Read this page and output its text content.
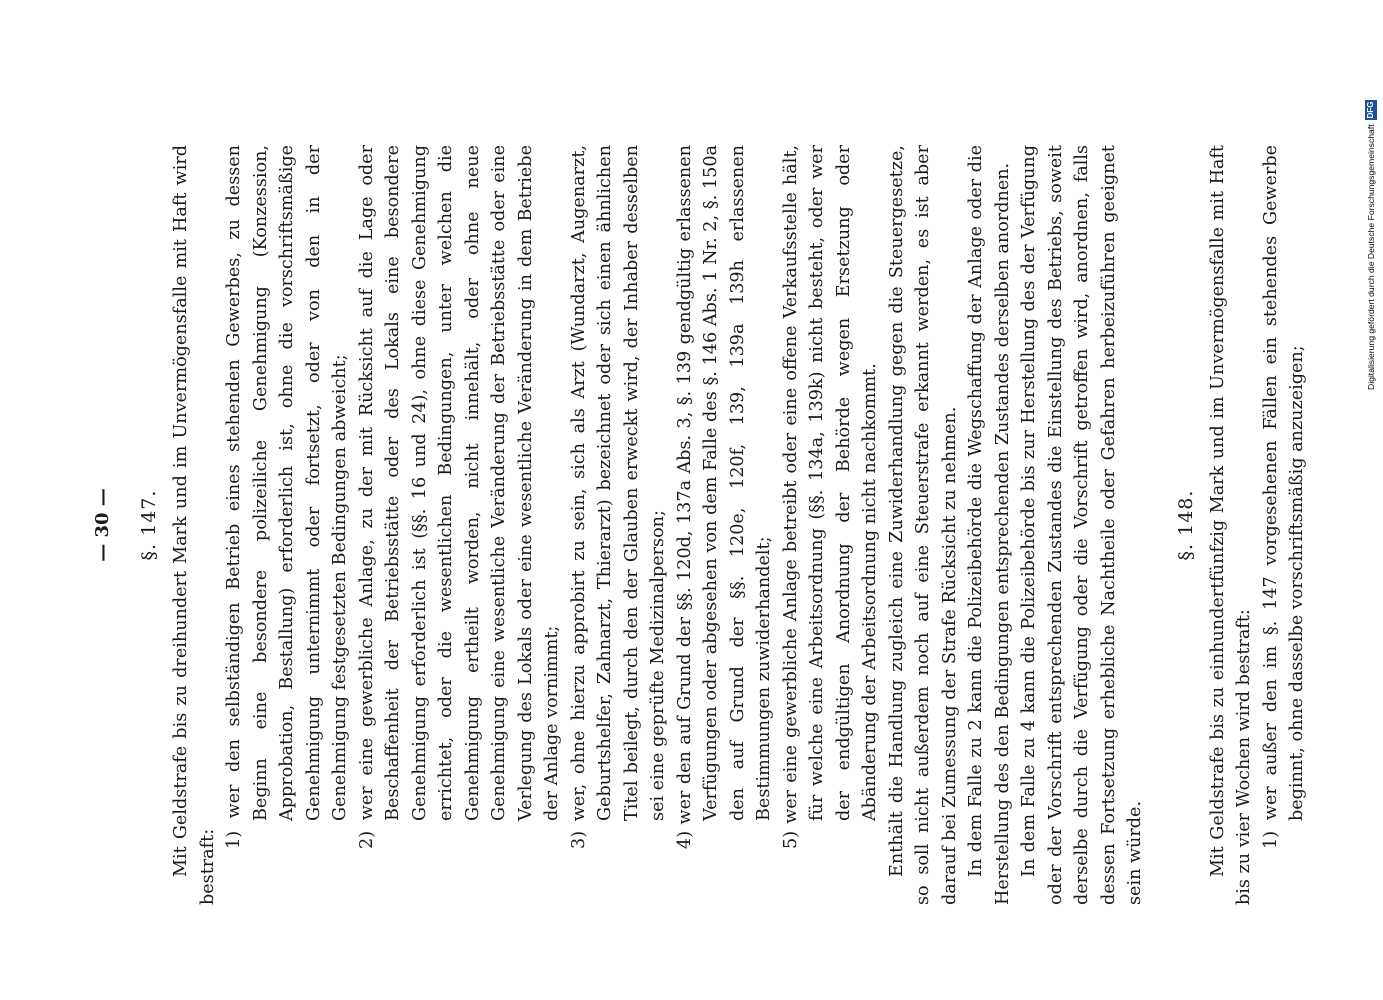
— 30 — §. 147. Mit Geldstrafe bis zu dreihundert Mark und im Unvermögensfalle mit Haft wird bestraft:

1) wer den selbständigen Betrieb eines stehenden Gewerbes, zu dessen Beginn eine besondere polizeiliche Genehmigung (Konzession, Approbation, Bestallung) erforderlich ist, ohne die vorschriftsmäßige Genehmigung unternimmt oder fortsetzt, oder von den in der Genehmigung festgesetzten Bedingungen abweicht; 2) wer eine gewerbliche Anlage, zu der mit Rücksicht auf die Lage oder Beschaffenheit der Betriebsstätte oder des Lokals eine besondere Genehmigung erforderlich ist (§§. 16 und 24), ohne diese Genehmigung errichtet, oder die wesentlichen Bedingungen, unter welchen die Genehmigung ertheilt worden, nicht innehält, oder ohne neue Genehmigung eine wesentliche Veränderung der Betriebsstätte oder eine Verlegung des Lokals oder eine wesentliche Veränderung in dem Betriebe der Anlage vornimmt; 3) wer, ohne hierzu approbirt zu sein, sich als Arzt (Wundarzt, Augenarzt, Geburtshelfer, Zahnarzt, Thierarzt) bezeichnet oder sich einen ähnlichen Titel beilegt, durch den der Glauben erweckt wird, der Inhaber desselben sei eine geprüfte Medizinalperson; 4) wer den auf Grund der §§. 120d, 137a Abs. 3, §. 139 gendgültig erlassenen Verfügungen oder abgesehen von dem Falle des §. 146 Abs. 1 Nr. 2, §. 150a den auf Grund der §§. 120e, 120f, 139, 139a 139h erlassenen Bestimmungen zuwiderhandelt; 5) wer eine gewerbliche Anlage betreibt oder eine offene Verkaufsstelle hält, für welche eine Arbeitsordnung (§§. 134a, 139k) nicht besteht, oder wer der endgültigen Anordnung der Behörde wegen Ersetzung oder Abänderung der Arbeitsordnung nicht nachkommt. Enthält die Handlung zugleich eine Zuwiderhandlung gegen die Steuergesetze, so soll nicht außerdem noch auf eine Steuerstrafe erkannt werden, es ist aber darauf bei Zumessung der Strafe Rücksicht zu nehmen. In dem Falle zu 2 kann die Polizeibehörde die Wegschaffung der Anlage oder die Herstellung des den Bedingungen entsprechenden Zustandes derselben anordnen. In dem Falle zu 4 kann die Polizeibehörde bis zur Herstellung des der Verfügung oder der Vorschrift entsprechenden Zustandes die Einstellung des Betriebs, soweit derselbe durch die Verfügung oder die Vorschrift getroffen wird, anordnen, falls dessen Fortsetzung erhebliche Nachtheile oder Gefahren herbeizuführen geeignet sein würde.

§. 148. Mit Geldstrafe bis zu einhundertfünfzig Mark und im Unvermögensfalle mit Haft bis zu vier Wochen wird bestraft: 1) wer außer den im §. 147 vorgesehenen Fällen ein stehendes Gewerbe beginnt, ohne dasselbe vorschriftsmäßig anzuzeigen;

Digitalisierung gefördert durch die Deutsche Forschungsgemeinschaft
DFG
